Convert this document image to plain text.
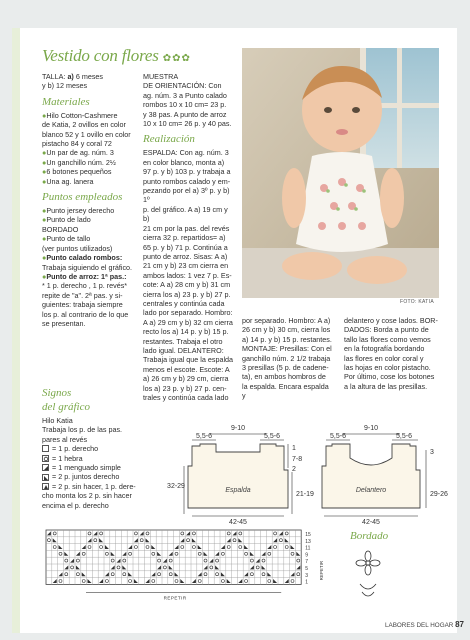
Vestido con flores ✿✿✿

TALLA: a) 6 meses

y b) 12 meses

Materiales

●Hilo Cotton-Cashmere

de Katia, 2 ovillos en color

blanco 52 y 1 ovillo en color

pistacho 84 y coral 72

●Un par de ag. núm. 3

●Un ganchillo núm. 2½

●6 botones pequeños

●Una ag. lanera

Puntos empleados

●Punto jersey derecho

●Punto de lado

BORDADO

●Punto de tallo

(ver puntos utilizados)

●Punto calado rombos:

Trabaja siguiendo el gráfico.

●Punto de arroz: 1ª pas.:

* 1 p. derecho , 1 p. revés*

repite de "a". 2ª pas. y si-

guientes: trabaja siempre

los p. al contrario de lo que

se presentan.

Signos
del gráfico

Hilo Katia

Trabaja los p. de las pas.

pares al revés

= 1 p. derecho
= 1 hebra
= 1 menguado simple
= 2 p. juntos derecho
= 2 p. sin hacer, 1 p. dere-

cho monta los 2 p. sin hacer

encima el p. derecho

MUESTRA

DE ORIENTACIÓN: Con

ag. núm. 3 a Punto calado

rombos 10 x 10 cm= 23 p.

y 38 pas. A punto de arroz

10 x 10 cm= 26 p. y 40 pas.

Realización

ESPALDA: Con ag. núm. 3

en color blanco, monta a)

97 p. y b) 103 p. y trabaja a

punto rombos calado y em-

pezando por el a) 3º p. y b) 1º

p. del gráfico. A a) 19 cm y b)

21 cm por la pas. del revés

cierra 32 p. repartidos= a)

65 p. y b) 71 p. Continúa a

punto de arroz. Sisas: A a)

21 cm y b) 23 cm cierra en

ambos lados: 1 vez 7 p. Es-

cote: A a) 28 cm y b) 31 cm

cierra los a) 23 p. y b) 27 p.

centrales y continúa cada

lado por separado. Hombro:

A a) 29 cm y b) 32 cm cierra

recto los a) 14 p. y b) 15 p.

restantes. Trabaja el otro

lado igual. DELANTERO:

Trabaja igual que la espalda

menos el escote. Escote: A

a) 26 cm y b) 29 cm, cierra

los a) 23 p. y b) 27 p. cen-

trales y continúa cada lado

FOTO: KATIA

por separado. Hombro: A a)

26 cm y b) 30 cm, cierra los

a) 14 p. y b) 15 p. restantes.

MONTAJE: Presillas: Con el

ganchillo núm. 2 1/2 trabaja

3 presillas (5 p. de cadene-

ta), en ambos hombros de

la espalda. Encara espalda y

delantero y cose lados. BOR-

DADOS: Borda a punto de

tallo las flores como vemos

en la fotografía bordando

las flores en color coral y

las hojas en color pistacho.

Por último, cose los botones

a la altura de las presillas.

9-10
5,5-6	5,5-6
1
7-8
2
32-29
21-19
Espalda
42-45
9-10
5,5-6	5,5-6
3
29-26
Delantero
42-45
15
13
11
9
7
5
3
1
REPETIR
REPETIR
Bordado
LABORES DEL HOGAR 87
